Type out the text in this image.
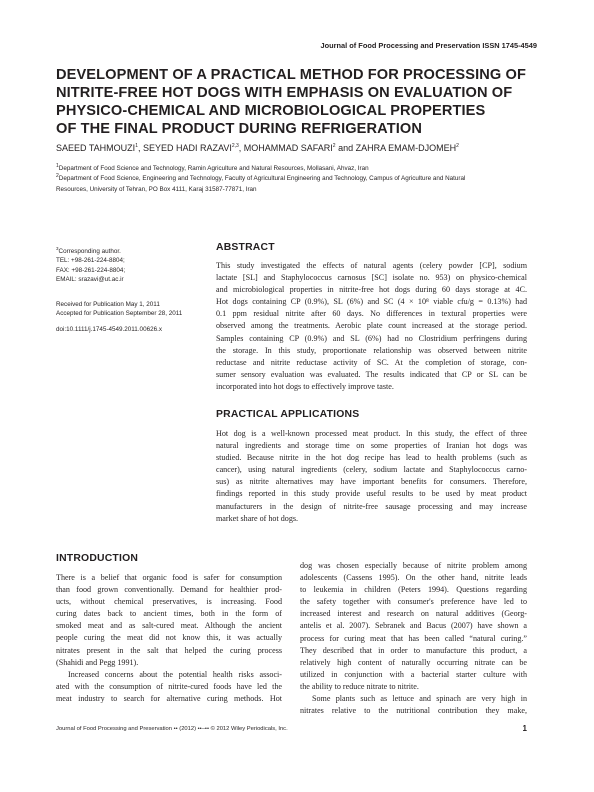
Journal of Food Processing and Preservation ISSN 1745-4549
DEVELOPMENT OF A PRACTICAL METHOD FOR PROCESSING OF
NITRITE-FREE HOT DOGS WITH EMPHASIS ON EVALUATION OF
PHYSICO-CHEMICAL AND MICROBIOLOGICAL PROPERTIES
OF THE FINAL PRODUCT DURING REFRIGERATION
SAEED TAHMOUZI$^1$, SEYED HADI RAZAVI$^{2,3}$, MOHAMMAD SAFARI$^2$ and ZAHRA EMAM-DJOMEH$^2$
$^1$Department of Food Science and Technology, Ramin Agriculture and Natural Resources, Mollasani, Ahvaz, Iran
$^2$Department of Food Science, Engineering and Technology, Faculty of Agricultural Engineering and Technology, Campus of Agriculture and Natural
Resources, University of Tehran, PO Box 4111, Karaj 31587-77871, Iran
$^3$Corresponding author.
TEL: +98-261-224-8804;
FAX: +98-261-224-8804;
EMAIL: srazavi@ut.ac.ir
Received for Publication May 1, 2011
Accepted for Publication September 28, 2011
doi:10.1111/j.1745-4549.2011.00626.x
ABSTRACT
This study investigated the effects of natural agents (celery powder [CP], sodium
lactate [SL] and Staphylococcus carnosus [SC] isolate no. 953) on physico-chemical
and microbiological properties in nitrite-free hot dogs during 60 days storage at 4C.
Hot dogs containing CP (0.9%), SL (6%) and SC (4 × 10⁸ viable cfu/g = 0.13%) had
0.1 ppm residual nitrite after 60 days. No differences in textural properties were
observed among the treatments. Aerobic plate count increased at the storage period.
Samples containing CP (0.9%) and SL (6%) had no Clostridium perfringens during
the storage. In this study, proportionate relationship was observed between nitrite
reductase and nitrite reductase activity of SC. At the completion of storage, con-
sumer sensory evaluation was evaluated. The results indicated that CP or SL can be
incorporated into hot dogs to effectively improve taste.
PRACTICAL APPLICATIONS
Hot dog is a well-known processed meat product. In this study, the effect of three
natural ingredients and storage time on some properties of Iranian hot dogs was
studied. Because nitrite in the hot dog recipe has lead to health problems (such as
cancer), using natural ingredients (celery, sodium lactate and Staphylococcus carno-
sus) as nitrite alternatives may have important benefits for consumers. Therefore,
findings reported in this study provide useful results to be used by meat product
manufacturers in the design of nitrite-free sausage processing and may increase
market share of hot dogs.
INTRODUCTION
There is a belief that organic food is safer for consumption
than food grown conventionally. Demand for healthier prod-
ucts, without chemical preservatives, is increasing. Food
curing dates back to ancient times, both in the form of
smoked meat and as salt-cured meat. Although the ancient
people curing the meat did not know this, it was actually
nitrates present in the salt that helped the curing process
(Shahidi and Pegg 1991).
Increased concerns about the potential health risks associ-
ated with the consumption of nitrite-cured foods have led the
meat industry to search for alternative curing methods. Hot
dog was chosen especially because of nitrite problem among
adolescents (Cassens 1995). On the other hand, nitrite leads
to leukemia in children (Peters 1994). Questions regarding
the safety together with consumer's preference have led to
increased interest and research on natural additives (Georg-
antelis et al. 2007). Sebranek and Bacus (2007) have shown a
process for curing meat that has been called “natural curing.”
They described that in order to manufacture this product, a
relatively high content of naturally occurring nitrate can be
utilized in conjunction with a bacterial starter culture with
the ability to reduce nitrate to nitrite.
Some plants such as lettuce and spinach are very high in
nitrates relative to the nutritional contribution they make,
Journal of Food Processing and Preservation •• (2012) ••–•• © 2012 Wiley Periodicals, Inc.	1
